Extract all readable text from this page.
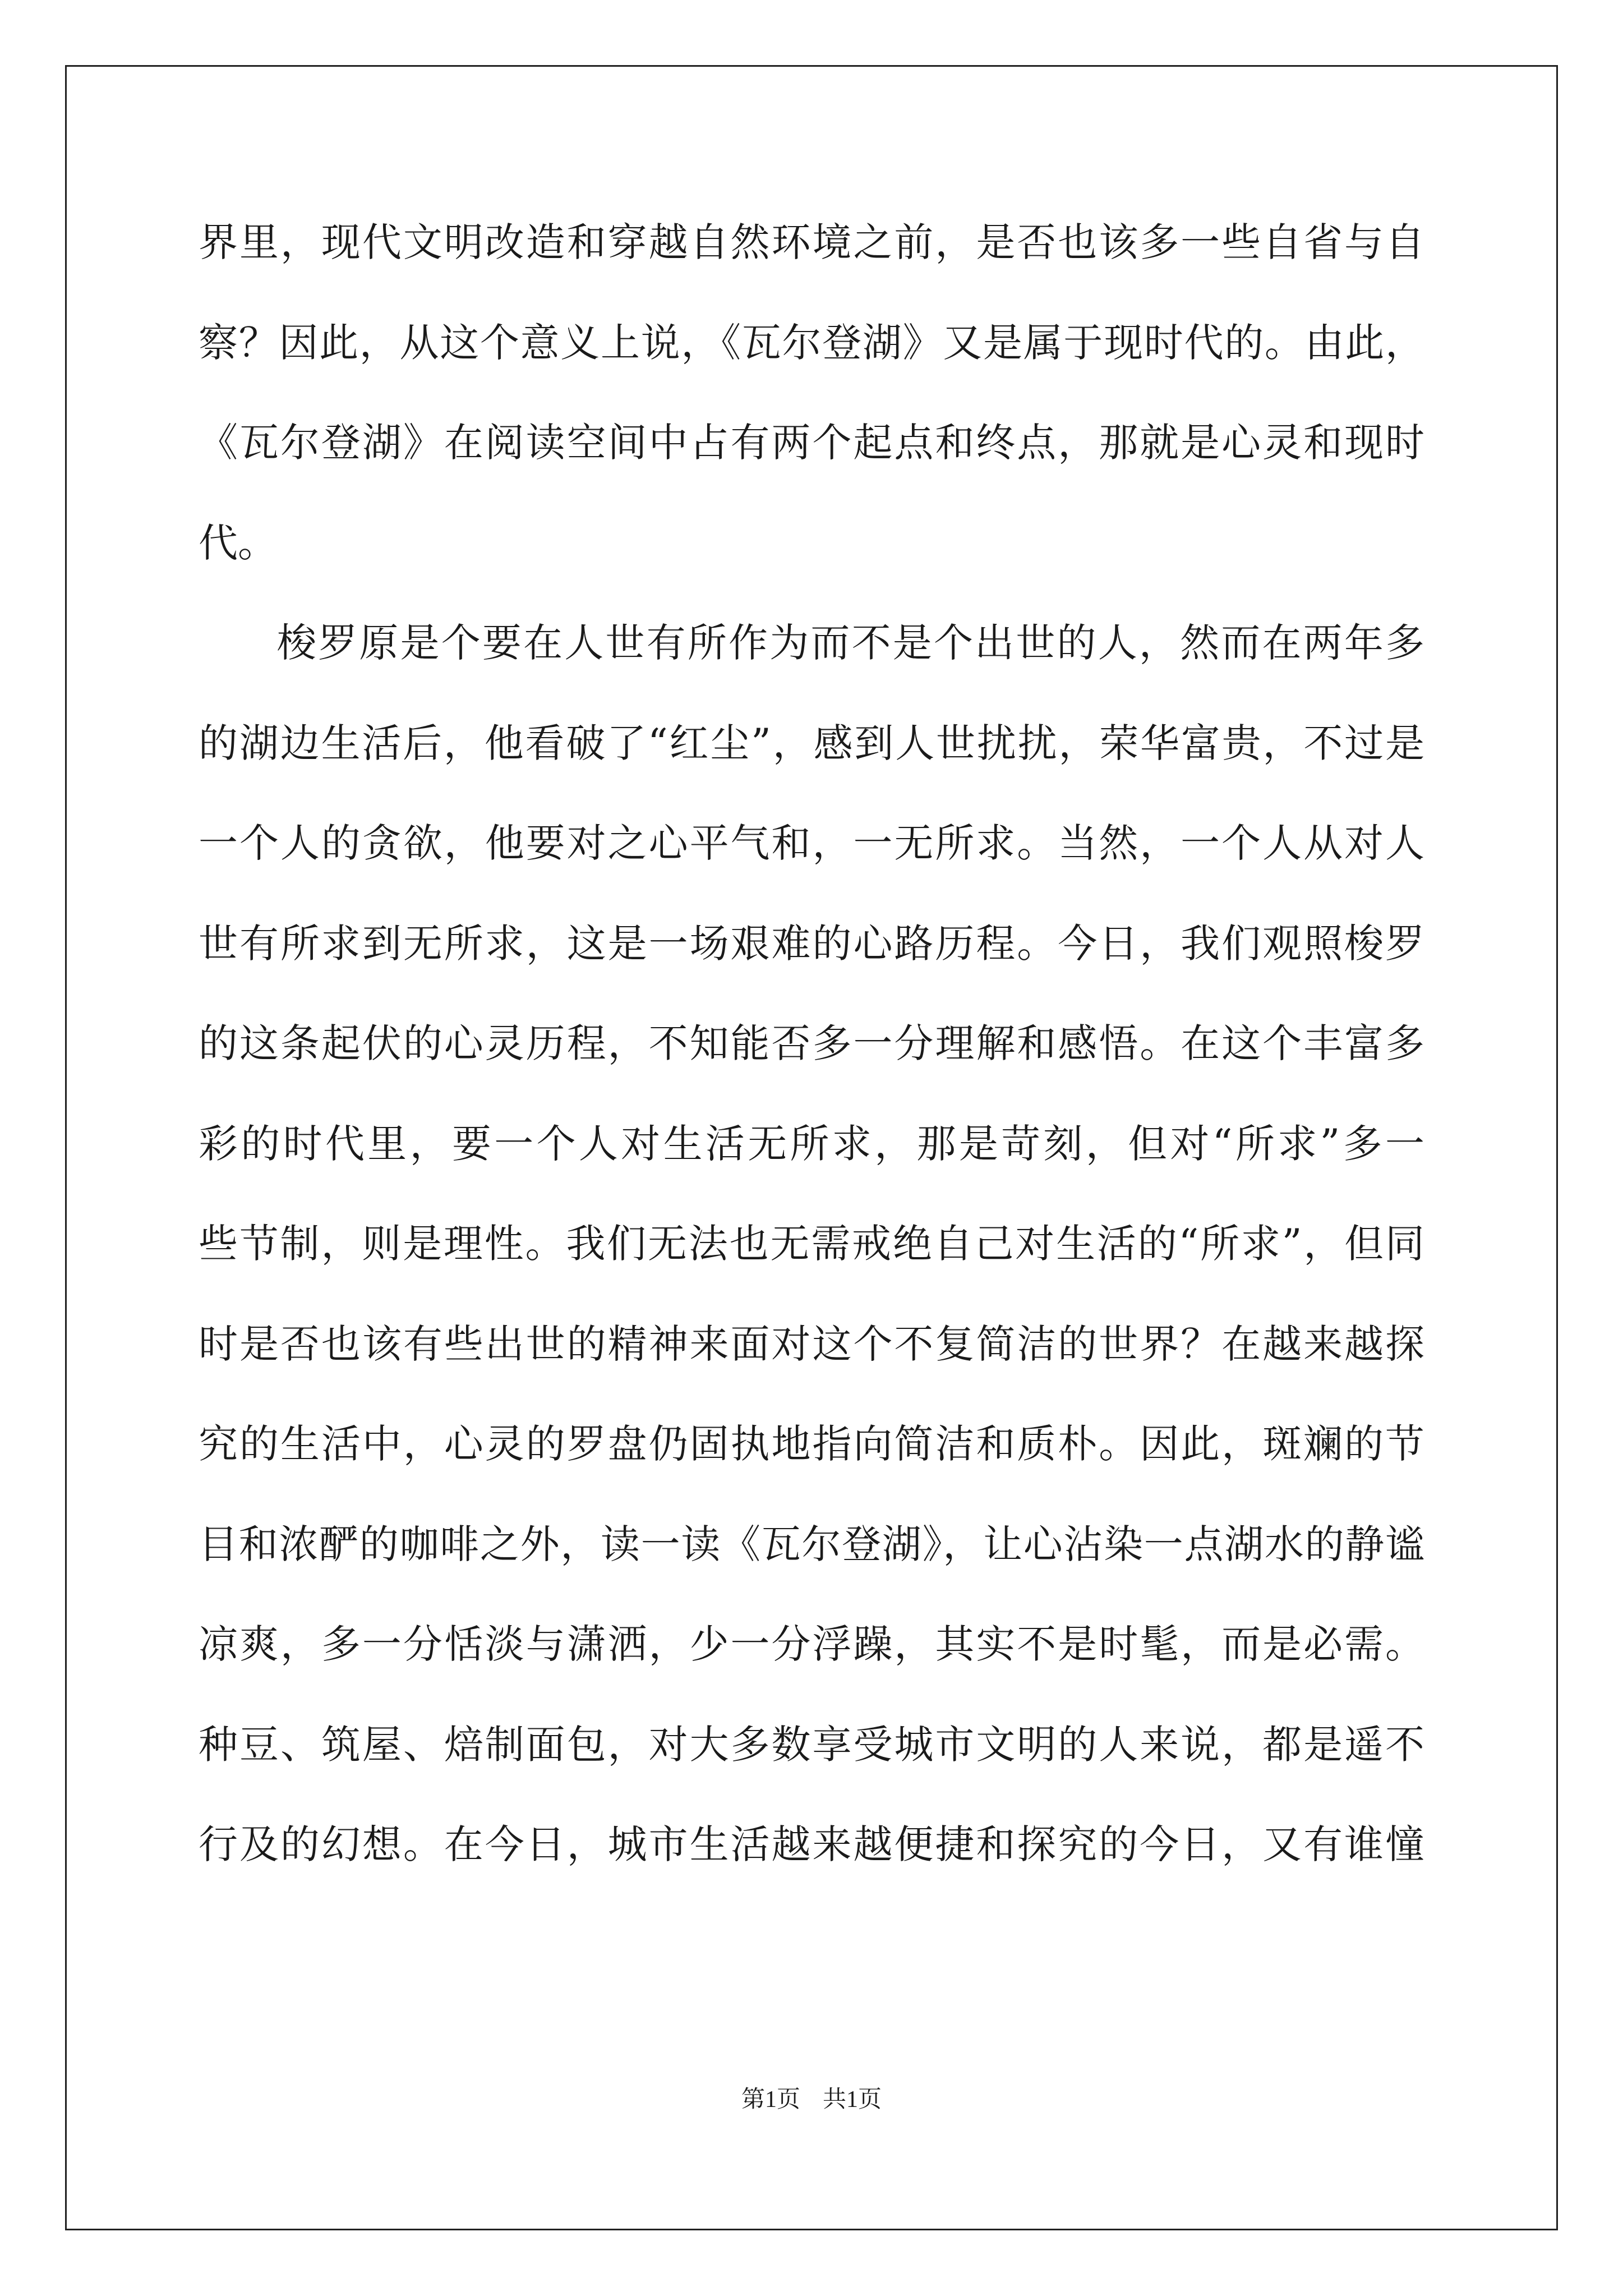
界里，现代文明改造和穿越自然环境之前，是否也该多一些自省与自
察？因此，从这个意义上说，《瓦尔登湖》又是属于现时代的。由此，
《瓦尔登湖》在阅读空间中占有两个起点和终点，那就是心灵和现时
代。
梭罗原是个要在人世有所作为而不是个出世的人，然而在两年多
的湖边生活后，他看破了“红尘”，感到人世扰扰，荣华富贵，不过是
一个人的贪欲，他要对之心平气和，一无所求。当然，一个人从对人
世有所求到无所求，这是一场艰难的心路历程。今日，我们观照梭罗
的这条起伏的心灵历程，不知能否多一分理解和感悟。在这个丰富多
彩的时代里，要一个人对生活无所求，那是苛刻，但对“所求”多一
些节制，则是理性。我们无法也无需戒绝自己对生活的“所求”，但同
时是否也该有些出世的精神来面对这个不复简洁的世界？在越来越探
究的生活中，心灵的罗盘仍固执地指向简洁和质朴。因此，斑斓的节
目和浓酽的咖啡之外，读一读《瓦尔登湖》，让心沾染一点湖水的静谧
凉爽，多一分恬淡与潇洒，少一分浮躁，其实不是时髦，而是必需。
种豆、筑屋、焙制面包，对大多数享受城市文明的人来说，都是遥不
行及的幻想。在今日，城市生活越来越便捷和探究的今日，又有谁憧
第1页 共1页
